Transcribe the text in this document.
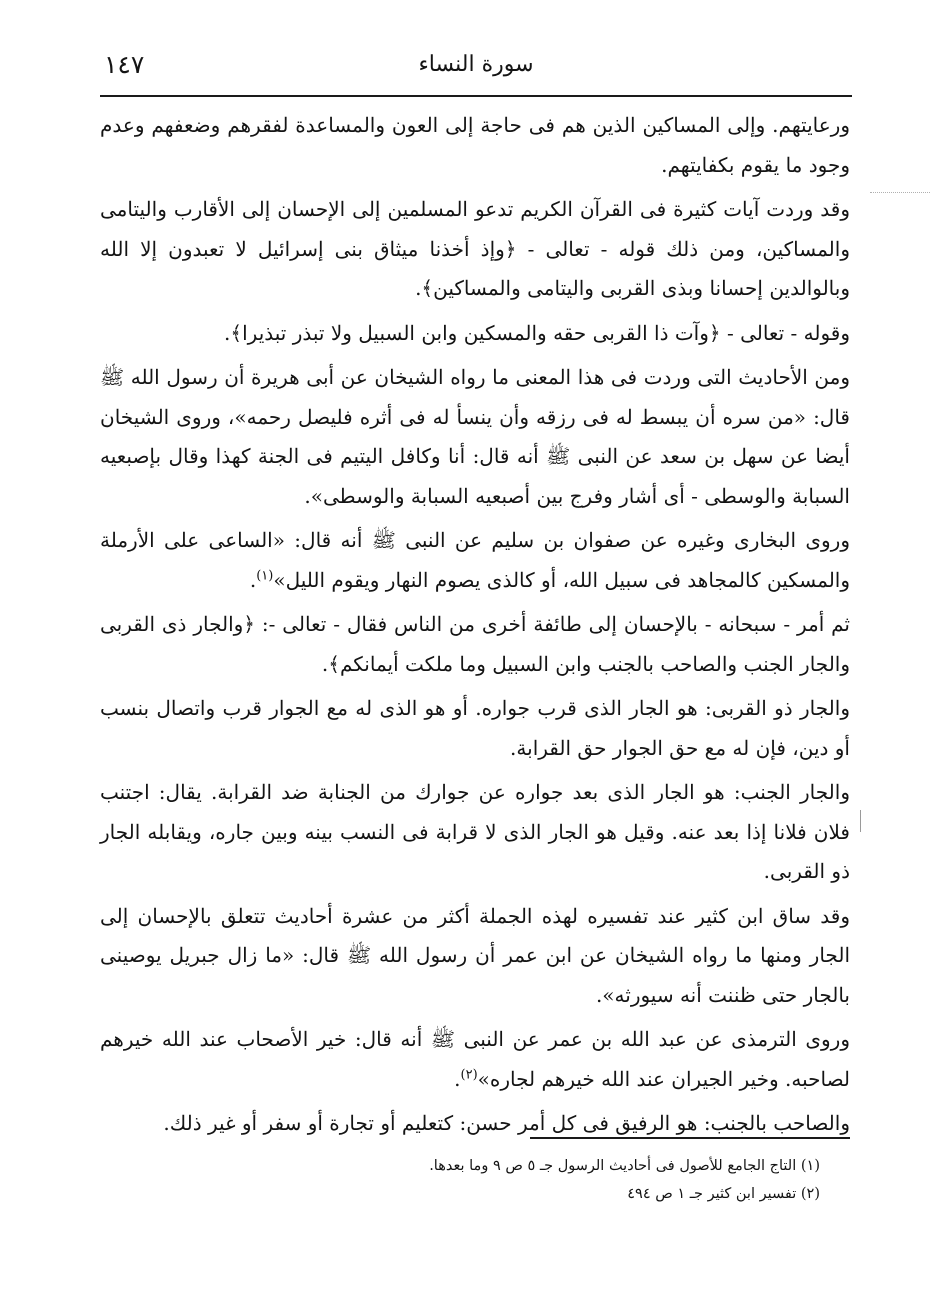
سورة النساء
١٤٧

ورعايتهم. وإلى المساكين الذين هم فى حاجة إلى العون والمساعدة لفقرهم وضعفهم وعدم وجود ما يقوم بكفايتهم.

وقد وردت آيات كثيرة فى القرآن الكريم تدعو المسلمين إلى الإحسان إلى الأقارب واليتامى والمساكين، ومن ذلك قوله - تعالى - ﴿وإذ أخذنا ميثاق بنى إسرائيل لا تعبدون إلا الله وبالوالدين إحسانا وبذى القربى واليتامى والمساكين﴾.

وقوله - تعالى - ﴿وآت ذا القربى حقه والمسكين وابن السبيل ولا تبذر تبذيرا﴾.

ومن الأحاديث التى وردت فى هذا المعنى ما رواه الشيخان عن أبى هريرة أن رسول الله ﷺ قال: «من سره أن يبسط له فى رزقه وأن ينسأ له فى أثره فليصل رحمه»، وروى الشيخان أيضا عن سهل بن سعد عن النبى ﷺ أنه قال: أنا وكافل اليتيم فى الجنة كهذا وقال بإصبعيه السبابة والوسطى - أى أشار وفرج بين أصبعيه السبابة والوسطى».

وروى البخارى وغيره عن صفوان بن سليم عن النبى ﷺ أنه قال: «الساعى على الأرملة والمسكين كالمجاهد فى سبيل الله، أو كالذى يصوم النهار ويقوم الليل»$^{(١)}$.

ثم أمر - سبحانه - بالإحسان إلى طائفة أخرى من الناس فقال - تعالى -: ﴿والجار ذى القربى والجار الجنب والصاحب بالجنب وابن السبيل وما ملكت أيمانكم﴾.

والجار ذو القربى: هو الجار الذى قرب جواره. أو هو الذى له مع الجوار قرب واتصال بنسب أو دين، فإن له مع حق الجوار حق القرابة.

والجار الجنب: هو الجار الذى بعد جواره عن جوارك من الجنابة ضد القرابة. يقال: اجتنب فلان فلانا إذا بعد عنه. وقيل هو الجار الذى لا قرابة فى النسب بينه وبين جاره، ويقابله الجار ذو القربى.

وقد ساق ابن كثير عند تفسيره لهذه الجملة أكثر من عشرة أحاديث تتعلق بالإحسان إلى الجار ومنها ما رواه الشيخان عن ابن عمر أن رسول الله ﷺ قال: «ما زال جبريل يوصينى بالجار حتى ظننت أنه سيورثه».

وروى الترمذى عن عبد الله بن عمر عن النبى ﷺ أنه قال: خير الأصحاب عند الله خيرهم لصاحبه. وخير الجيران عند الله خيرهم لجاره»$^{(٢)}$.

والصاحب بالجنب: هو الرفيق فى كل أمر حسن: كتعليم أو تجارة أو سفر أو غير ذلك.

(١) التاج الجامع للأصول فى أحاديث الرسول جـ ٥ ص ٩ وما بعدها.

(٢) تفسير ابن كثير جـ ١ ص ٤٩٤
